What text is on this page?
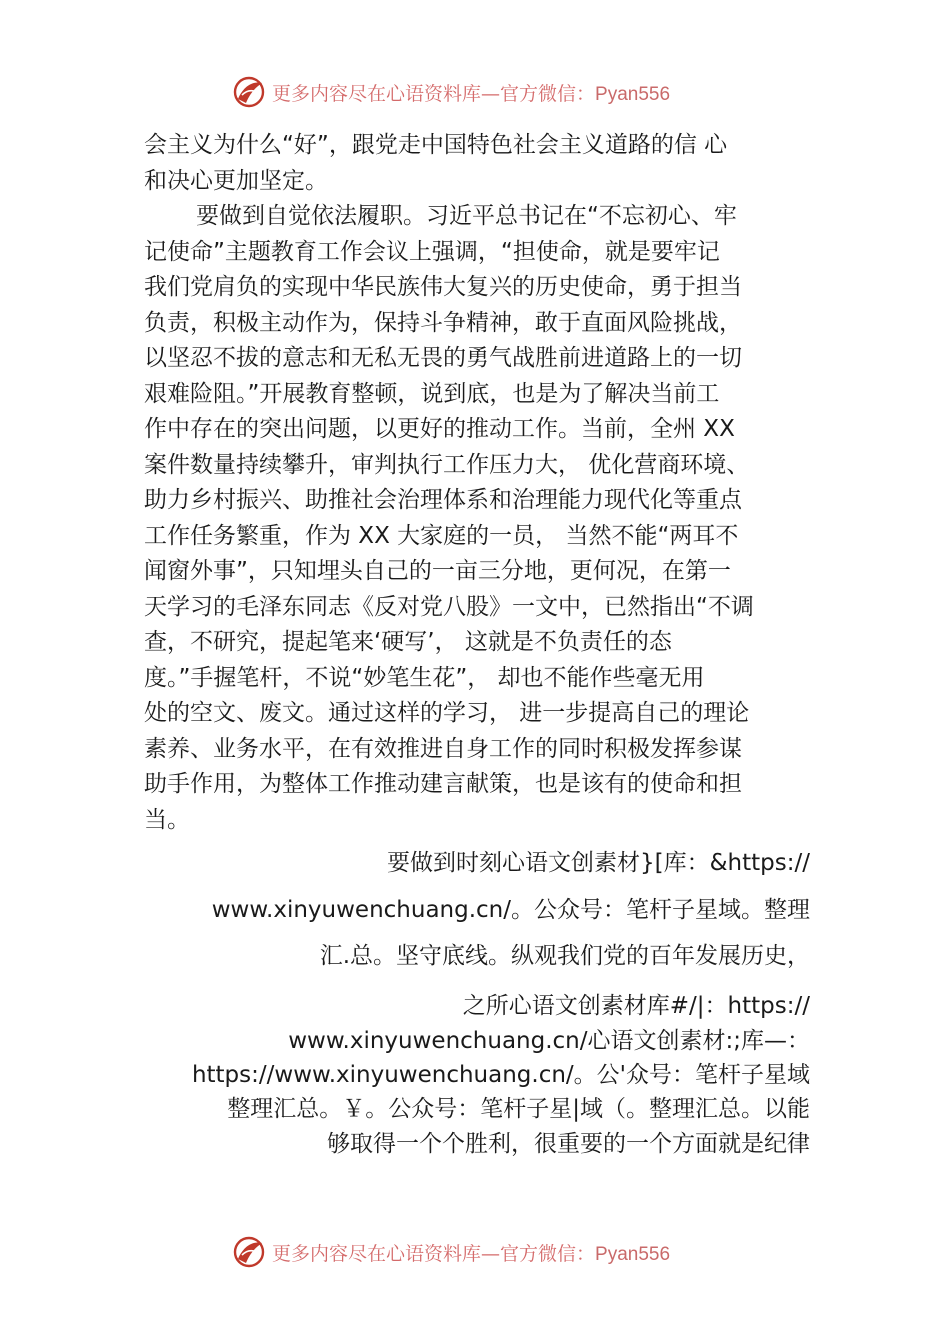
更多内容尽在心语资料库—官方微信：Pyan556

会主义为什么“好”，跟党走中国特色社会主义道路的信 心

和决心更加坚定。

要做到自觉依法履职。习近平总书记在“不忘初心、牢

记使命”主题教育工作会议上强调，“担使命，就是要牢记

我们党肩负的实现中华民族伟大复兴的历史使命，勇于担当

负责，积极主动作为，保持斗争精神，敢于直面风险挑战，

以坚忍不拔的意志和无私无畏的勇气战胜前进道路上的一切

艰难险阻。”开展教育整顿，说到底，也是为了解决当前工

作中存在的突出问题，以更好的推动工作。当前，全州 XX

案件数量持续攀升，审判执行工作压力大， 优化营商环境、

助力乡村振兴、助推社会治理体系和治理能力现代化等重点

工作任务繁重，作为 XX 大家庭的一员， 当然不能“两耳不

闻窗外事”，只知埋头自己的一亩三分地，更何况，在第一

天学习的毛泽东同志《反对党八股》一文中，已然指出“不调

查，不研究，提起笔来‘硬写’， 这就是不负责任的态

度。”手握笔杆，不说“妙笔生花”， 却也不能作些毫无用

处的空文、废文。通过这样的学习， 进一步提高自己的理论

素养、业务水平，在有效推进自身工作的同时积极发挥参谋

助手作用，为整体工作推动建言献策，也是该有的使命和担

当。

要做到时刻心语文创素材}[库：&https://

www.xinyuwenchuang.cn/。公众号：笔杆子星域。整理

汇.总。坚守底线。纵观我们党的百年发展历史，

之所心语文创素材库#/|：https://

www.xinyuwenchuang.cn/心语文创素材:;库—：

https://www.xinyuwenchuang.cn/。公'众号：笔杆子星域

整理汇总。￥。公众号：笔杆子星|域（。整理汇总。以能

够取得一个个胜利，很重要的一个方面就是纪律

更多内容尽在心语资料库—官方微信：Pyan556
